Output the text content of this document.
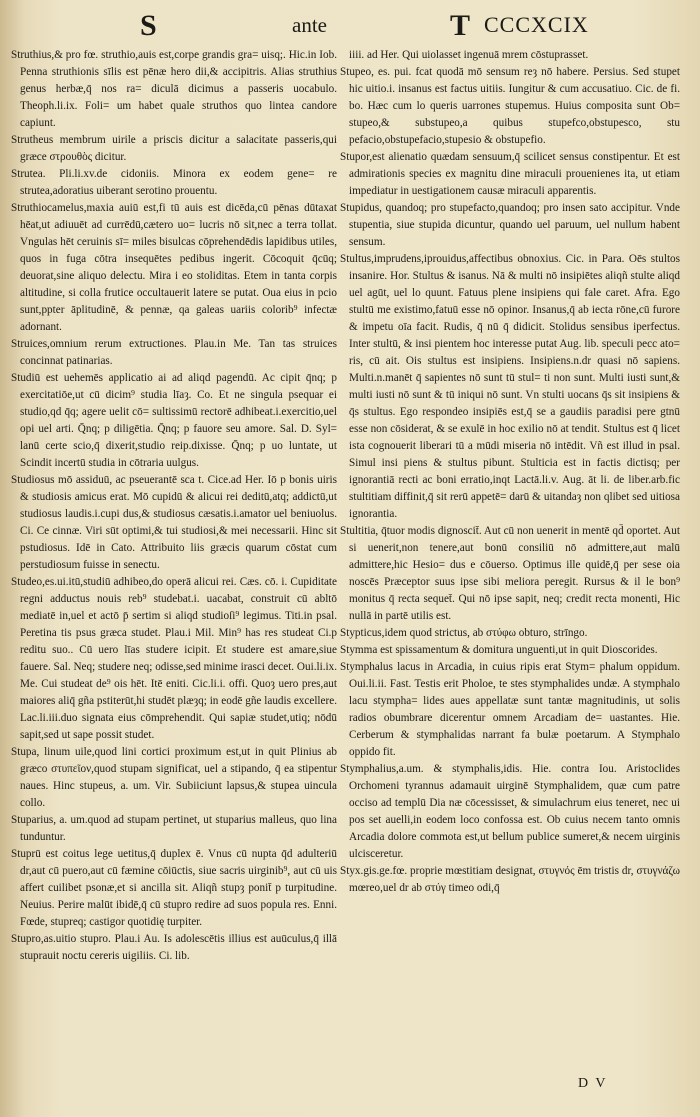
S	ante	T CCCXCIX

Struthius,& pro fœ. struthio,auis est,corpe grandis gra= uisq;. Hic.in Iob. Penna struthionis sīlis est pēnæ hero dii,& accipitris. Alias struthius genus herbæ,q̄ nos ra= diculā dicimus a passeris uocabulo. Theoph.li.ix. Foli= um habet quale struthos quo lintea candore capiunt.

Strutheus membrum uirile a priscis dicitur a salacitate passeris,qui græce στρουθὸς dicitur.

Strutea. Pli.li.xv.de cidoniis. Minora ex eodem gene= re strutea,adoratius uiberant serotino prouentu.

Struthiocamelus,maxia auiū est,fi tū auis est dicēda,cū pēnas dūtaxat hēat,ut adiuuēt ad currēdū,cætero uo= lucris nō sit,nec a terra tollat. Vngulas hēt ceruinis sī= miles bisulcas cōprehendēdis lapidibus utiles, quos in fuga cōtra insequētes pedibus ingerit. Cōcoquit q̄cūq; deuorat,sine aliquo delectu. Mira i eo stoliditas. Etem in tanta corpis altitudine, si colla frutice occultauerit latere se putat. Oua eius in pcio sunt,ppter āplitudinē, & pennæ, qa galeas uariis colorib⁹ infectæ adornant.

Struices,omnium rerum extructiones. Plau.in Me. Tan tas struices concinnat patinarias.

Studiū est uehemēs applicatio ai ad aliqd pagendū. Ac cipit q̄nq; p exercitatiōe,ut cū dicim⁹ studia līaȝ. Co. Et ne singula psequar ei studio,qd q̄q; agere uelit cō= sultissimū rectorē adhibeat.i.exercitio,uel opi uel arti. Q̄nq; p diligētia. Q̄nq; p fauore seu amore. Sal. D. Syl= lanū certe scio,q̄ dixerit,studio reip.dixisse. Q̄nq; p uo luntate, ut Scindit incertū studia in cōtraria uulgus.

Studiosus mō assiduū, ac pseuerantē sca t. Cice.ad Her. Iō p bonis uiris & studiosis amicus erat. Mō cupidū & alicui rei deditū,atq; addictū,ut studiosus laudis.i.cupi dus,& studiosus cæsatis.i.amator uel beniuolus. Ci. Ce cinnæ. Viri sūt optimi,& tui studiosi,& mei necessarii. Hinc sit pstudiosus. Idē in Cato. Attribuito liis græcis quarum cōstat cum perstudiosum fuisse in senectu.

Studeo,es.ui.itū,studiū adhibeo,do operā alicui rei. Cæs. cō. i. Cupiditate regni adductus nouis reb⁹ studebat.i. uacabat, construit cū abltō mediatē in,uel et actō p̄ sertim si aliqd studioſi⁹ legimus. Titi.in psal. Peretina tis psus græca studet. Plau.i Mil. Min⁹ has res studeat Ci.p reditu suo.. Cū uero līas studere icipit. Et studere est amare,siue fauere. Sal. Neq; studere neq; odisse,sed minime irasci decet. Oui.li.ix. Me. Cui studeat de⁹ ois hēt. Itē eniti. Cic.li.i. offi. Quoȝ uero pres,aut maiores aliq̄ gña pstiterūt,hi studēt plæȝq; in eodē gñe laudis excellere. Lac.li.iii.duo signata eius cōmprehendit. Qui sapiæ studet,utiq; nōdū sapit,sed ut sape possit studet.

Stupa, linum uile,quod lini cortici proximum est,ut in quit Plinius ab græco στυπεῖον,quod stupam significat, uel a stipando, q̄ ea stipentur naues. Hinc stupeus, a. um. Vir. Subiiciunt lapsus,& stupea uincula collo.

Stuparius, a. um.quod ad stupam pertinet, ut stuparius malleus, quo lina tunduntur.

Stuprū est coitus lege uetitus,q̄ duplex ē. Vnus cū nupta q̄d adulteriū dr,aut cū puero,aut cū fæmine cōiūctis, siue sacris uirginib⁹, aut cū uis affert cuilibet psonæ,et si ancilla sit. Aliqñ stupȝ ponit̄ p turpitudine. Neuius. Perire malūt ibidē,q̄ cū stupro redire ad suos popula res. Enni. Fœde, stupreq; castigor quotidię turpiter.

Stupro,as.uitio stupro. Plau.i Au. Is adolescētis illius est auūculus,q̄ illā stuprauit noctu cereris uigiliis. Ci. lib.

iiii. ad Her. Qui uiolasset ingenuā mrem cōstuprasset.

Stupeo, es. pui. fcat quodā mō sensum reȝ nō habere. Persius. Sed stupet hic uitio.i. insanus est factus uitiis. Iungitur & cum accusatiuo. Cic. de fi. bo. Hæc cum lo queris uarrones stupemus. Huius composita sunt Ob= stupeo,& substupeo,a quibus stupefco,obstupesco, stu pefacio,obstupefacio,stupesio & obstupefio.

Stupor,est alienatio quædam sensuum,q̄ scilicet sensus constipentur. Et est admirationis species ex magnitu dine miraculi prouenienes ita, ut etiam impediatur in uestigationem causæ miraculi apparentis.

Stupidus, quandoq; pro stupefacto,quandoq; pro insen sato accipitur. Vnde stupentia, siue stupida dicuntur, quando uel paruum, uel nullum habent sensum.

Stultus,imprudens,iprouidus,affectibus obnoxius. Cic. in Para. Oēs stultos insanire. Hor. Stultus & isanus. Nā & multi nō insipiētes aliqñ stulte aliqd uel agūt, uel lo quunt. Fatuus plene insipiens qui fale caret. Afra. Ego stultū me existimo,fatuū esse nō opinor. Insanus,q̄ ab iecta rōne,cū furore & impetu oīa facit. Rudis, q̄ nū q̄ didicit. Stolidus sensibus iperfectus. Inter stultū, & insi pientem hoc interesse putat Aug. lib. speculi pecc ato= ris, cū ait. Ois stultus est insipiens. Insipiens.n.dr quasi nō sapiens. Multi.n.manēt q̄ sapientes nō sunt tū stul= ti non sunt. Multi iusti sunt,& multi iusti nō sunt & tū iniqui nō sunt. Vn stulti uocans q̄s sit insipiens & q̄s stultus. Ego respondeo insipiēs est,q̄ se a gaudiis paradisi pere gtnū esse non cōsiderat, & se exulē in hoc exilio nō at tendit. Stultus est q̄ licet ista cognouerit liberari tū a mūdi miseria nō intēdit. Vñ est illud in psal. Simul insi piens & stultus pibunt. Stulticia est in factis dictisq; per ignorantiā recti ac boni erratio,inqt Lactā.li.v. Aug. āt li. de liber.arb.fic stultitiam diffinit,q̄ sit rerū appetē= darū & uitandaȝ non qlibet sed uitiosa ignorantia.

Stultitia, q̄tuor modis dignoscit̄. Aut cū non uenerit in mentē qd̄ oportet. Aut si uenerit,non tenere,aut bonū consiliū nō admittere,aut malū admittere,hic Hesio= dus e cōuerso. Optimus ille quidē,q̄ per sese oia noscēs Præceptor suus ipse sibi meliora peregit. Rursus & il le bon⁹ monitus q̄ recta sequet̄. Qui nō ipse sapit, neq; credit recta monenti, Hic nullā in partē utilis est.

Stypticus,idem quod strictus, ab στύφω obturo, strīngo.

Stymma est spissamentum & domitura unguenti,ut in quit Dioscorides.

Stymphalus lacus in Arcadia, in cuius ripis erat Stym= phalum oppidum. Oui.li.ii. Fast. Testis erit Pholoe, te stes stymphalides undæ. A stymphalo lacu stympha= lides aues appellatæ sunt tantæ magnitudinis, ut solis radios obumbrare dicerentur omnem Arcadiam de= uastantes. Hie. Cerberum & stymphalidas narrant fa bulæ poetarum. A Stymphalo oppido fit.

Stymphalius,a.um. & stymphalis,idis. Hie. contra Iou. Aristoclides Orchomeni tyrannus adamauit uirginē Stymphalidem, quæ cum patre occiso ad templū Dia næ cōcessisset, & simulachrum eius teneret, nec ui pos set auelli,in eodem loco confossa est. Ob cuius necem tanto omnis Arcadia dolore commota est,ut bellum publice sumeret,& necem uirginis ulcisceretur.

Styx.gis.ge.fœ. proprie mœstitiam designat, στυγνός ēm tristis dr, στυγνάζω mœreo,uel dr ab στύγ timeo odi,q̄

D V
